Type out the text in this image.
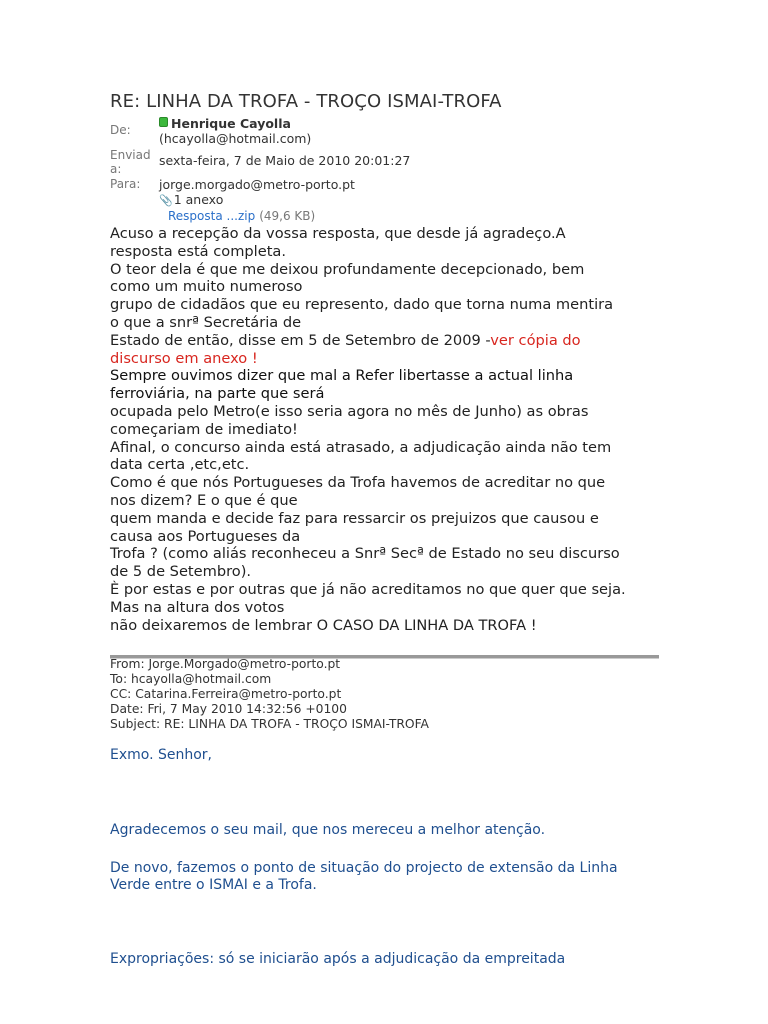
RE: LINHA DA TROFA - TROÇO ISMAI-TROFA
De:	Henrique Cayolla
(hcayolla@hotmail.com)
Enviad
a:
sexta-feira, 7 de Maio de 2010 20:01:27
Para: jorge.morgado@metro-porto.pt
📎1 anexo
Resposta ...zip (49,6 KB)
Acuso a recepção da vossa resposta, que desde já agradeço.A
resposta está completa.
O teor dela é que me deixou profundamente decepcionado, bem
como um muito numeroso
grupo de cidadãos que eu represento, dado que torna numa mentira
o que a snrª Secretária de
Estado de então, disse em 5 de Setembro de 2009 -ver cópia do
discurso em anexo !
Sempre ouvimos dizer que mal a Refer libertasse a actual linha
ferroviária, na parte que será
ocupada pelo Metro(e isso seria agora no mês de Junho) as obras
começariam de imediato!
Afinal, o concurso ainda está atrasado, a adjudicação ainda não tem
data certa ,etc,etc.
Como é que nós Portugueses da Trofa havemos de acreditar no que
nos dizem? E o que é que
quem manda e decide faz para ressarcir os prejuizos que causou e
causa aos Portugueses da
Trofa ? (como aliás reconheceu a Snrª Secª de Estado no seu discurso
de 5 de Setembro).
È por estas e por outras que já não acreditamos no que quer que seja.
Mas na altura dos votos
não deixaremos de lembrar O CASO DA LINHA DA TROFA !
From: Jorge.Morgado@metro-porto.pt
To: hcayolla@hotmail.com
CC: Catarina.Ferreira@metro-porto.pt
Date: Fri, 7 May 2010 14:32:56 +0100
Subject: RE: LINHA DA TROFA - TROÇO ISMAI-TROFA
Exmo. Senhor,
Agradecemos o seu mail, que nos mereceu a melhor atenção.
De novo, fazemos o ponto de situação do projecto de extensão da Linha
Verde entre o ISMAI e a Trofa.
Expropriações: só se iniciarão após a adjudicação da empreitada
